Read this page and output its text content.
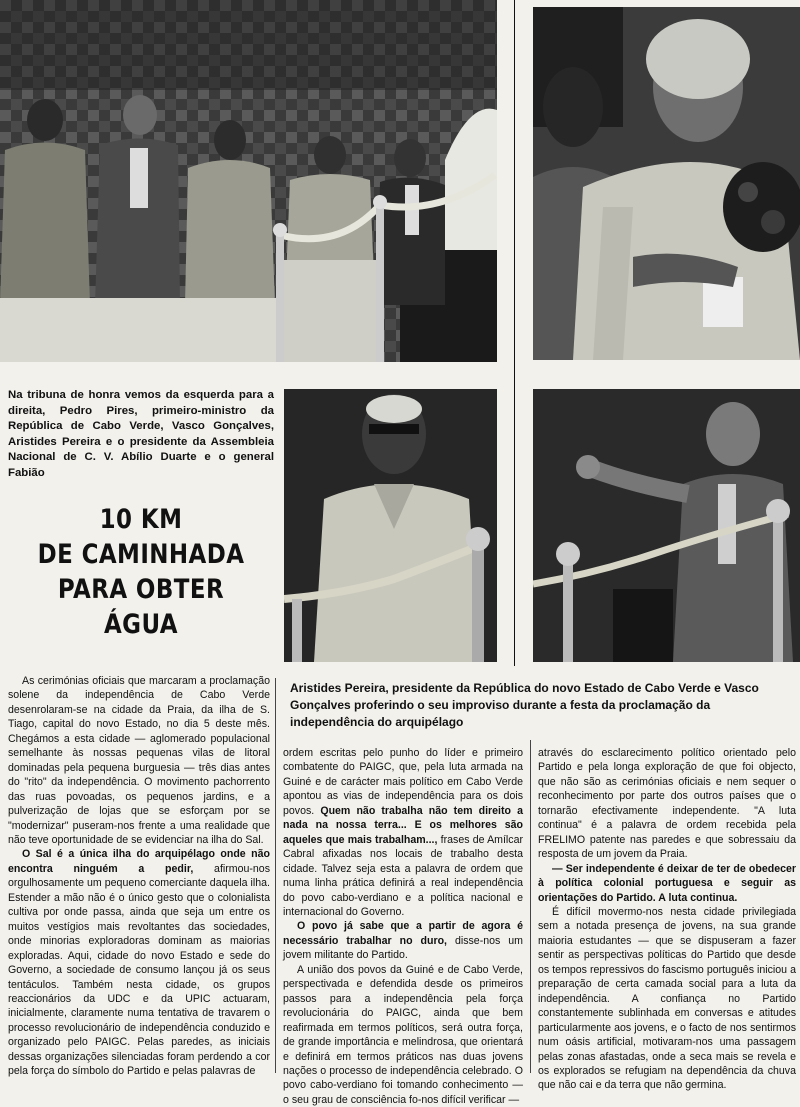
Na tribuna de honra vemos da esquerda para a direita, Pedro Pires, primeiro-ministro da República de Cabo Verde, Vasco Gonçalves, Aristides Pereira e o presidente da Assembleia Nacional de C. V. Abílio Duarte e o general Fabião
10 KM
DE CAMINHADA
PARA OBTER
ÁGUA
Aristides Pereira, presidente da República do novo Estado de Cabo Verde e Vasco Gonçalves proferindo o seu improviso durante a festa da proclamação da independência do arquipélago

As cerimónias oficiais que marcaram a proclamação solene da independência de Cabo Verde desenrolaram-se na cidade da Praia, da ilha de S. Tiago, capital do novo Estado, no dia 5 deste mês. Chegámos a esta cidade — aglomerado populacional semelhante às nossas pequenas vilas de litoral dominadas pela pequena burguesia — três dias antes do "rito" da independência. O movimento pachorrento das ruas povoadas, os pequenos jardins, e a pulverização de lojas que se esforçam por se "modernizar" puseram-nos frente a uma realidade que não teve oportunidade de se evidenciar na ilha do Sal.

O Sal é a única ilha do arquipélago onde não encontra ninguém a pedir, afirmou-nos orgulhosamente um pequeno comerciante daquela ilha. Estender a mão não é o único gesto que o colonialista cultiva por onde passa, ainda que seja um entre os muitos vestígios mais revoltantes das sociedades, onde minorias exploradoras dominam as maiorias exploradas. Aqui, cidade do novo Estado e sede do Governo, a sociedade de consumo lançou já os seus tentáculos. Também nesta cidade, os grupos reaccionários da UDC e da UPIC actuaram, inicialmente, claramente numa tentativa de travarem o processo revolucionário de independência conduzido e organizado pelo PAIGC. Pelas paredes, as iniciais dessas organizações silenciadas foram perdendo a cor pela força do símbolo do Partido e pelas palavras de

ordem escritas pelo punho do líder e primeiro combatente do PAIGC, que, pela luta armada na Guiné e de carácter mais político em Cabo Verde apontou as vias de independência para os dois povos. Quem não trabalha não tem direito a nada na nossa terra... E os melhores são aqueles que mais trabalham..., frases de Amílcar Cabral afixadas nos locais de trabalho desta cidade. Talvez seja esta a palavra de ordem que numa linha prática definirá a real independência do povo cabo-verdiano e a política nacional e internacional do Governo.

O povo já sabe que a partir de agora é necessário trabalhar no duro, disse-nos um jovem militante do Partido.

A união dos povos da Guiné e de Cabo Verde, perspectivada e defendida desde os primeiros passos para a independência pela força revolucionária do PAIGC, ainda que bem reafirmada em termos políticos, será outra força, de grande importância e melindrosa, que orientará e definirá em termos práticos nas duas jovens nações o processo de independência celebrado. O povo cabo-verdiano foi tomando conhecimento — o seu grau de consciência fo-nos difícil verificar —

através do esclarecimento político orientado pelo Partido e pela longa exploração de que foi objecto, que não são as cerimónias oficiais e nem sequer o reconhecimento por parte dos outros países que o tornarão efectivamente independente. "A luta continua" é a palavra de ordem recebida pela FRELIMO patente nas paredes e que sobressaiu da resposta de um jovem da Praia.

— Ser independente é deixar de ter de obedecer à política colonial portuguesa e seguir as orientações do Partido. A luta continua.

É difícil movermo-nos nesta cidade privilegiada sem a notada presença de jovens, na sua grande maioria estudantes — que se dispuseram a fazer sentir as perspectivas políticas do Partido que desde os tempos repressivos do fascismo português iniciou a preparação de certa camada social para a luta da independência. A confiança no Partido constantemente sublinhada em conversas e atitudes particularmente aos jovens, e o facto de nos sentirmos num oásis artificial, motivaram-nos uma passagem pelas zonas afastadas, onde a seca mais se revela e os explorados se refugiam na dependência da chuva que não cai e da terra que não germina.
